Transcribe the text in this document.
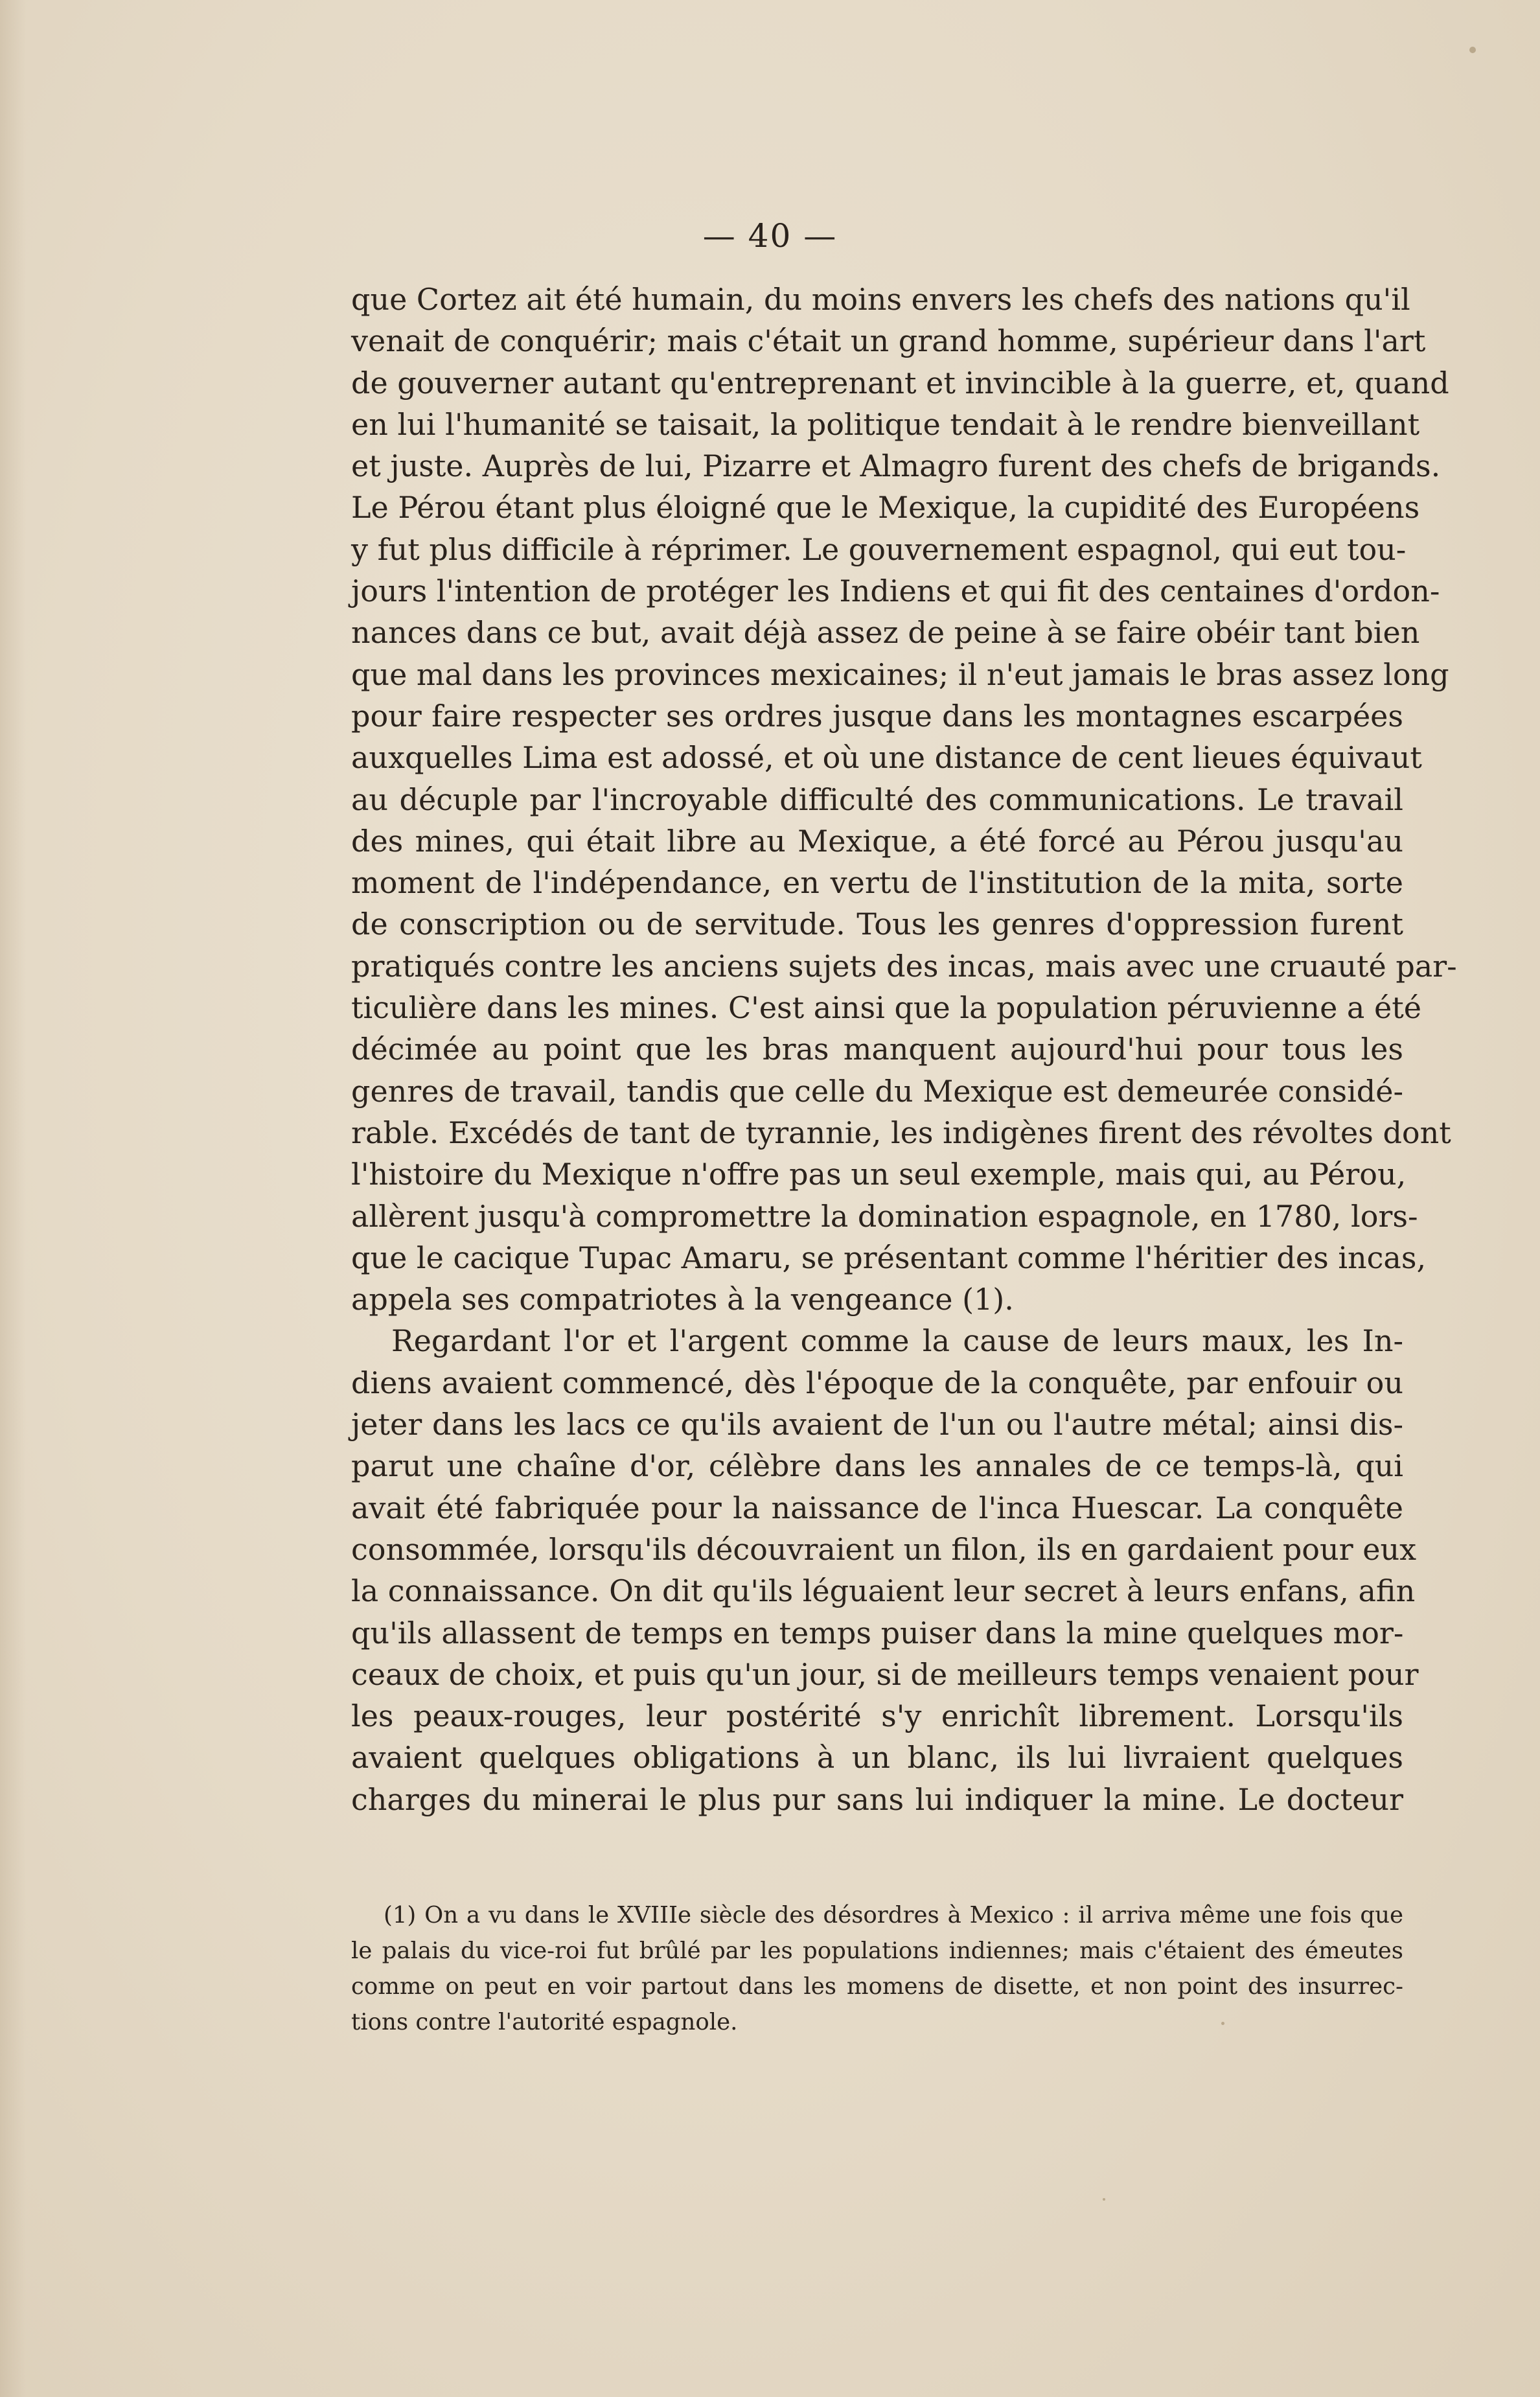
— 40 —
que Cortez ait été humain, du moins envers les chefs des nations qu'il
venait de conquérir; mais c'était un grand homme, supérieur dans l'art
de gouverner autant qu'entreprenant et invincible à la guerre, et, quand
en lui l'humanité se taisait, la politique tendait à le rendre bienveillant
et juste. Auprès de lui, Pizarre et Almagro furent des chefs de brigands.
Le Pérou étant plus éloigné que le Mexique, la cupidité des Européens
y fut plus difficile à réprimer. Le gouvernement espagnol, qui eut tou-
jours l'intention de protéger les Indiens et qui fit des centaines d'ordon-
nances dans ce but, avait déjà assez de peine à se faire obéir tant bien
que mal dans les provinces mexicaines; il n'eut jamais le bras assez long
pour faire respecter ses ordres jusque dans les montagnes escarpées
auxquelles Lima est adossé, et où une distance de cent lieues équivaut
au décuple par l'incroyable difficulté des communications. Le travail
des mines, qui était libre au Mexique, a été forcé au Pérou jusqu'au
moment de l'indépendance, en vertu de l'institution de la mita, sorte
de conscription ou de servitude. Tous les genres d'oppression furent
pratiqués contre les anciens sujets des incas, mais avec une cruauté par-
ticulière dans les mines. C'est ainsi que la population péruvienne a été
décimée au point que les bras manquent aujourd'hui pour tous les
genres de travail, tandis que celle du Mexique est demeurée considé-
rable. Excédés de tant de tyrannie, les indigènes firent des révoltes dont
l'histoire du Mexique n'offre pas un seul exemple, mais qui, au Pérou,
allèrent jusqu'à compromettre la domination espagnole, en 1780, lors-
que le cacique Tupac Amaru, se présentant comme l'héritier des incas,
appela ses compatriotes à la vengeance (1).
Regardant l'or et l'argent comme la cause de leurs maux, les In-
diens avaient commencé, dès l'époque de la conquête, par enfouir ou
jeter dans les lacs ce qu'ils avaient de l'un ou l'autre métal; ainsi dis-
parut une chaîne d'or, célèbre dans les annales de ce temps-là, qui
avait été fabriquée pour la naissance de l'inca Huescar. La conquête
consommée, lorsqu'ils découvraient un filon, ils en gardaient pour eux
la connaissance. On dit qu'ils léguaient leur secret à leurs enfans, afin
qu'ils allassent de temps en temps puiser dans la mine quelques mor-
ceaux de choix, et puis qu'un jour, si de meilleurs temps venaient pour
les peaux-rouges, leur postérité s'y enrichît librement. Lorsqu'ils
avaient quelques obligations à un blanc, ils lui livraient quelques
charges du minerai le plus pur sans lui indiquer la mine. Le docteur
(1) On a vu dans le XVIIIe siècle des désordres à Mexico : il arriva même une fois que
le palais du vice-roi fut brûlé par les populations indiennes; mais c'étaient des émeutes
comme on peut en voir partout dans les momens de disette, et non point des insurrec-
tions contre l'autorité espagnole.
